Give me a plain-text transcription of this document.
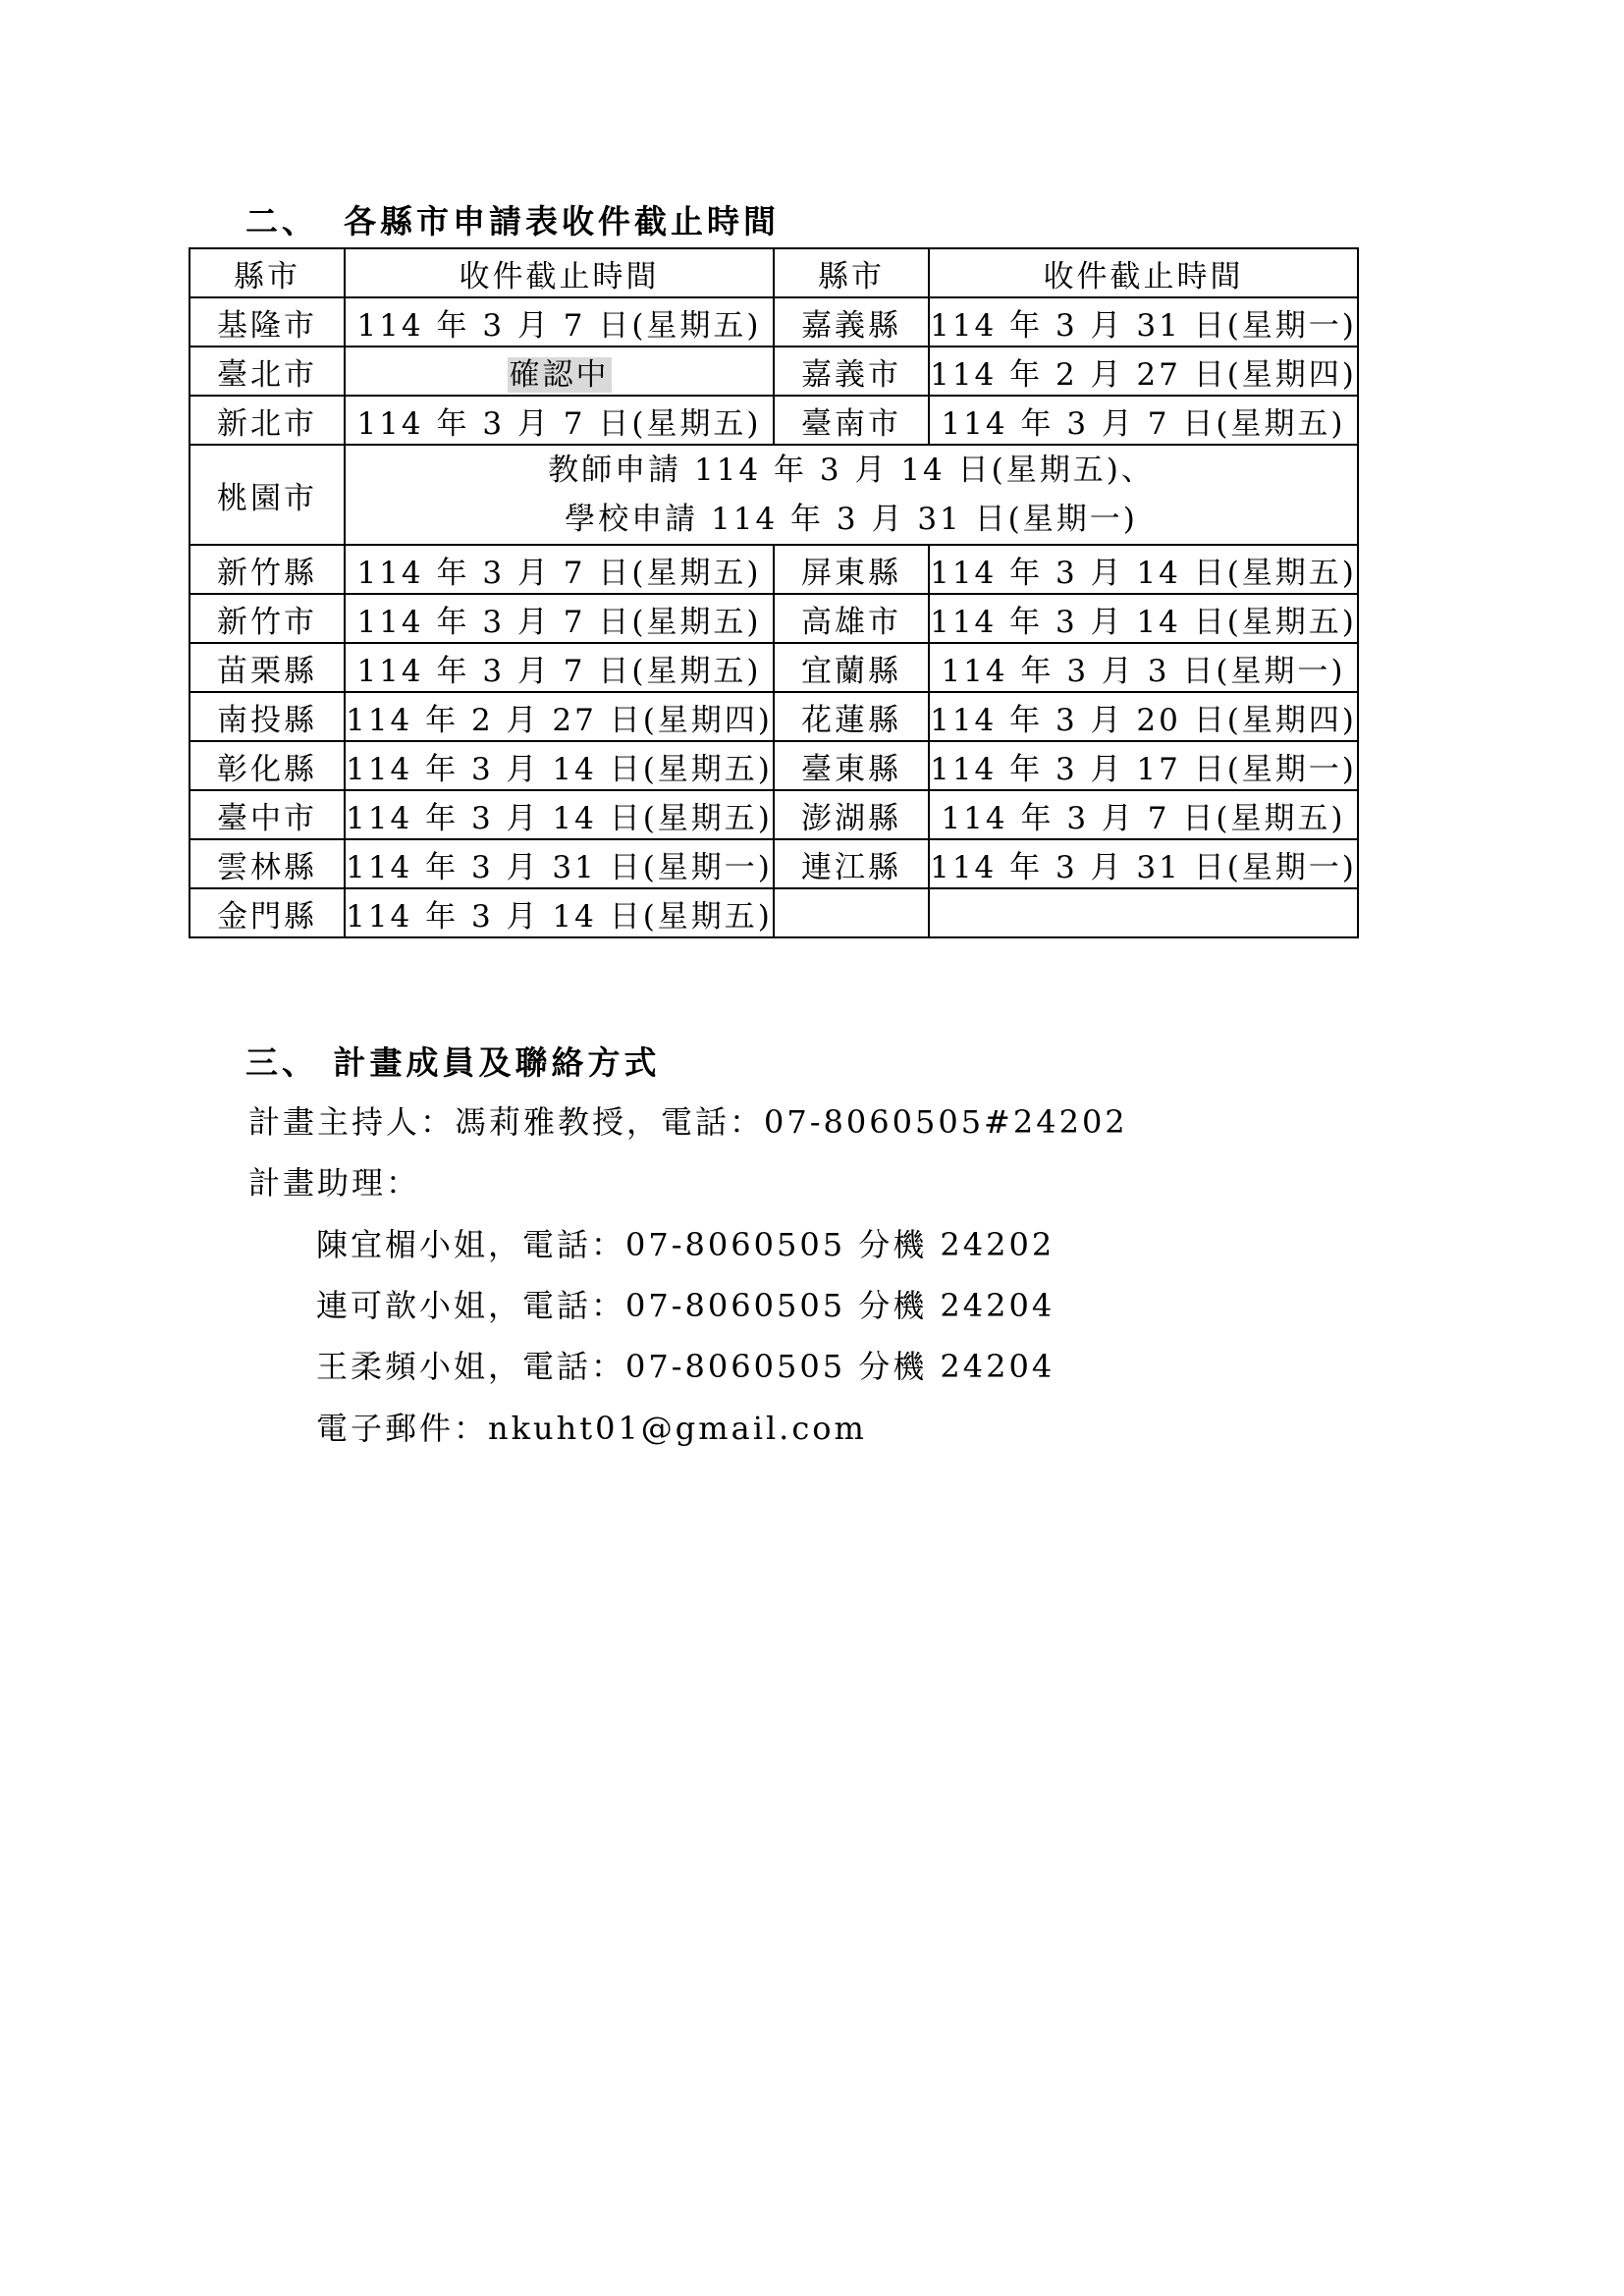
二、 各縣市申請表收件截止時間
縣市	收件截止時間	縣市	收件截止時間
基隆市	114 年 3 月 7 日(星期五)	嘉義縣	114 年 3 月 31 日(星期一)
臺北市	確認中	嘉義市	114 年 2 月 27 日(星期四)
新北市	114 年 3 月 7 日(星期五)	臺南市	114 年 3 月 7 日(星期五)
桃園市	教師申請 114 年 3 月 14 日(星期五)、
學校申請 114 年 3 月 31 日(星期一)		

新竹縣	114 年 3 月 7 日(星期五)	屏東縣	114 年 3 月 14 日(星期五)
新竹市	114 年 3 月 7 日(星期五)	高雄市	114 年 3 月 14 日(星期五)
苗栗縣	114 年 3 月 7 日(星期五)	宜蘭縣	114 年 3 月 3 日(星期一)
南投縣	114 年 2 月 27 日(星期四)	花蓮縣	114 年 3 月 20 日(星期四)
彰化縣	114 年 3 月 14 日(星期五)	臺東縣	114 年 3 月 17 日(星期一)
臺中市	114 年 3 月 14 日(星期五)	澎湖縣	114 年 3 月 7 日(星期五)
雲林縣	114 年 3 月 31 日(星期一)	連江縣	114 年 3 月 31 日(星期一)
金門縣	114 年 3 月 14 日(星期五)		
三、 計畫成員及聯絡方式
計畫主持人：馮莉雅教授，電話：07-8060505#24202
計畫助理：
陳宜楣小姐，電話：07-8060505 分機 24202
連可歆小姐，電話：07-8060505 分機 24204
王柔頻小姐，電話：07-8060505 分機 24204
電子郵件：nkuht01@gmail.com
